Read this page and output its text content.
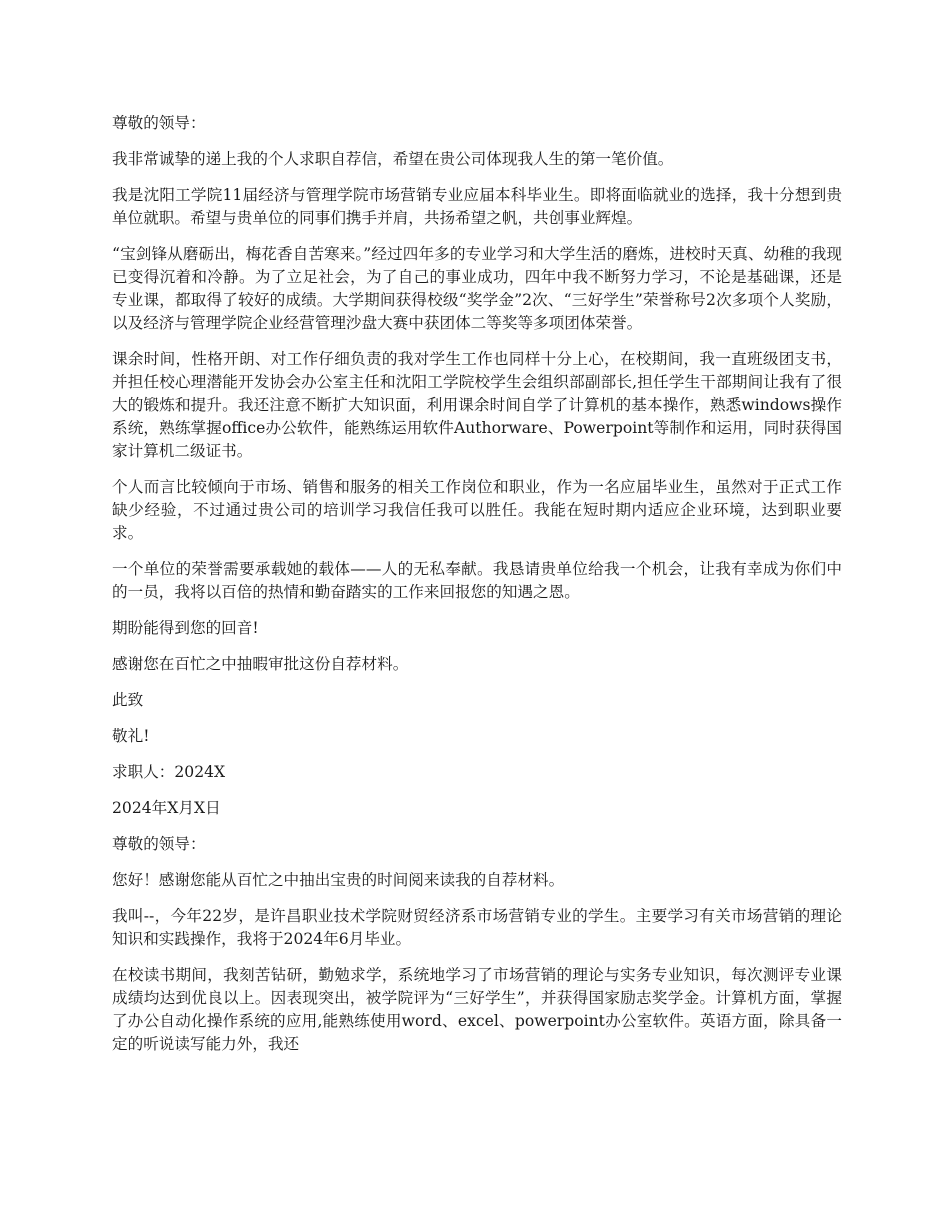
尊敬的领导：

我非常诚挚的递上我的个人求职自荐信，希望在贵公司体现我人生的第一笔价值。

我是沈阳工学院11届经济与管理学院市场营销专业应届本科毕业生。即将面临就业的选择，我十分想到贵单位就职。希望与贵单位的同事们携手并肩，共扬希望之帆，共创事业辉煌。

“宝剑锋从磨砺出，梅花香自苦寒来。”经过四年多的专业学习和大学生活的磨炼，进校时天真、幼稚的我现已变得沉着和冷静。为了立足社会，为了自己的事业成功，四年中我不断努力学习，不论是基础课，还是专业课，都取得了较好的成绩。大学期间获得校级“奖学金”2次、“三好学生”荣誉称号2次多项个人奖励，以及经济与管理学院企业经营管理沙盘大赛中获团体二等奖等多项团体荣誉。

课余时间，性格开朗、对工作仔细负责的我对学生工作也同样十分上心，在校期间，我一直班级团支书，并担任校心理潜能开发协会办公室主任和沈阳工学院校学生会组织部副部长,担任学生干部期间让我有了很大的锻炼和提升。我还注意不断扩大知识面，利用课余时间自学了计算机的基本操作，熟悉windows操作系统，熟练掌握office办公软件，能熟练运用软件Authorware、Powerpoint等制作和运用，同时获得国家计算机二级证书。

个人而言比较倾向于市场、销售和服务的相关工作岗位和职业，作为一名应届毕业生，虽然对于正式工作缺少经验，不过通过贵公司的培训学习我信任我可以胜任。我能在短时期内适应企业环境，达到职业要求。

一个单位的荣誉需要承载她的载体——人的无私奉献。我恳请贵单位给我一个机会，让我有幸成为你们中的一员，我将以百倍的热情和勤奋踏实的工作来回报您的知遇之恩。

期盼能得到您的回音!

感谢您在百忙之中抽暇审批这份自荐材料。

此致

敬礼!

求职人：2024X

2024年X月X日

尊敬的领导：

您好！感谢您能从百忙之中抽出宝贵的时间阅来读我的自荐材料。

我叫--，今年22岁，是许昌职业技术学院财贸经济系市场营销专业的学生。主要学习有关市场营销的理论知识和实践操作，我将于2024年6月毕业。

在校读书期间，我刻苦钻研，勤勉求学，系统地学习了市场营销的理论与实务专业知识，每次测评专业课成绩均达到优良以上。因表现突出，被学院评为“三好学生”，并获得国家励志奖学金。计算机方面，掌握了办公自动化操作系统的应用,能熟练使用word、excel、powerpoint办公室软件。英语方面，除具备一定的听说读写能力外，我还
